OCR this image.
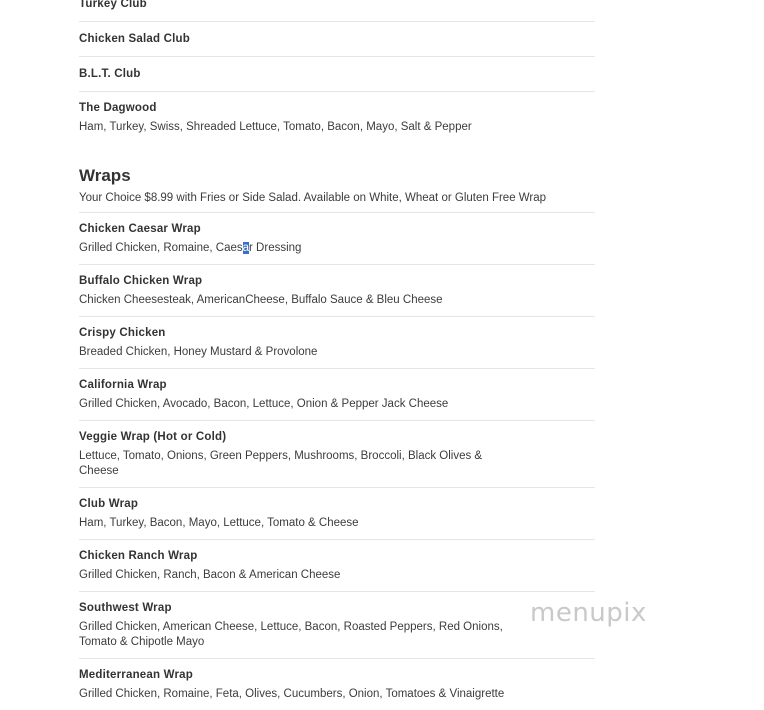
Turkey Club
Chicken Salad Club
B.L.T. Club
The Dagwood
Ham, Turkey, Swiss, Shreaded Lettuce, Tomato, Bacon, Mayo, Salt & Pepper
Wraps
Your Choice $8.99 with Fries or Side Salad. Available on White, Wheat or Gluten Free Wrap
Chicken Caesar Wrap
Grilled Chicken, Romaine, Caesar Dressing
Buffalo Chicken Wrap
Chicken Cheesesteak, AmericanCheese, Buffalo Sauce & Bleu Cheese
Crispy Chicken
Breaded Chicken, Honey Mustard & Provolone
California Wrap
Grilled Chicken, Avocado, Bacon, Lettuce, Onion & Pepper Jack Cheese
Veggie Wrap (Hot or Cold)
Lettuce, Tomato, Onions, Green Peppers, Mushrooms, Broccoli, Black Olives & Cheese
Club Wrap
Ham, Turkey, Bacon, Mayo, Lettuce, Tomato & Cheese
Chicken Ranch Wrap
Grilled Chicken, Ranch, Bacon & American Cheese
Southwest Wrap
Grilled Chicken, American Cheese, Lettuce, Bacon, Roasted Peppers, Red Onions, Tomato & Chipotle Mayo
Mediterranean Wrap
Grilled Chicken, Romaine, Feta, Olives, Cucumbers, Onion, Tomatoes & Vinaigrette
menupix
